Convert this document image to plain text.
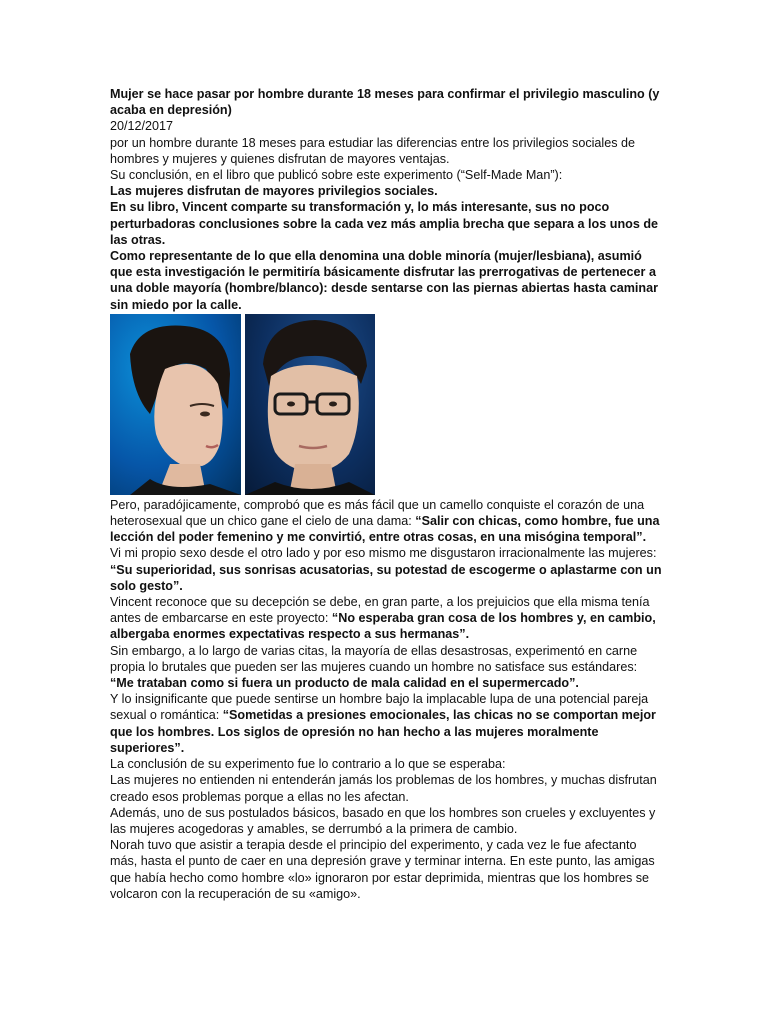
Mujer se hace pasar por hombre durante 18 meses para confirmar el privilegio masculino (y acaba en depresión)

20/12/2017

por un hombre durante 18 meses para estudiar las diferencias entre los privilegios sociales de hombres y mujeres y quienes disfrutan de mayores ventajas.

Su conclusión, en el libro que publicó sobre este experimento (“Self-Made Man”):

Las mujeres disfrutan de mayores privilegios sociales.

En su libro, Vincent comparte su transformación y, lo más interesante, sus no poco perturbadoras conclusiones sobre la cada vez más amplia brecha que separa a los unos de las otras.

Como representante de lo que ella denomina una doble minoría (mujer/lesbiana), asumió que esta investigación le permitiría básicamente disfrutar las prerrogativas de pertenecer a una doble mayoría (hombre/blanco): desde sentarse con las piernas abiertas hasta caminar sin miedo por la calle.

Pero, paradójicamente, comprobó que es más fácil que un camello conquiste el corazón de una heterosexual que un chico gane el cielo de una dama: “Salir con chicas, como hombre, fue una lección del poder femenino y me convirtió, entre otras cosas, en una misógina temporal”.

Vi mi propio sexo desde el otro lado y por eso mismo me disgustaron irracionalmente las mujeres: “Su superioridad, sus sonrisas acusatorias, su potestad de escogerme o aplastarme con un solo gesto”.

Vincent reconoce que su decepción se debe, en gran parte, a los prejuicios que ella misma tenía antes de embarcarse en este proyecto: “No esperaba gran cosa de los hombres y, en cambio, albergaba enormes expectativas respecto a sus hermanas”.

Sin embargo, a lo largo de varias citas, la mayoría de ellas desastrosas, experimentó en carne propia lo brutales que pueden ser las mujeres cuando un hombre no satisface sus estándares: “Me trataban como si fuera un producto de mala calidad en el supermercado”.

Y lo insignificante que puede sentirse un hombre bajo la implacable lupa de una potencial pareja sexual o romántica: “Sometidas a presiones emocionales, las chicas no se comportan mejor que los hombres. Los siglos de opresión no han hecho a las mujeres moralmente superiores”.

La conclusión de su experimento fue lo contrario a lo que se esperaba:

Las mujeres no entienden ni entenderán jamás los problemas de los hombres, y muchas disfrutan creado esos problemas porque a ellas no les afectan.

Además, uno de sus postulados básicos, basado en que los hombres son crueles y excluyentes y las mujeres acogedoras y amables, se derrumbó a la primera de cambio.

Norah tuvo que asistir a terapia desde el principio del experimento, y cada vez le fue afectanto más, hasta el punto de caer en una depresión grave y terminar interna. En este punto, las amigas que había hecho como hombre «lo» ignoraron por estar deprimida, mientras que los hombres se volcaron con la recuperación de su «amigo».
